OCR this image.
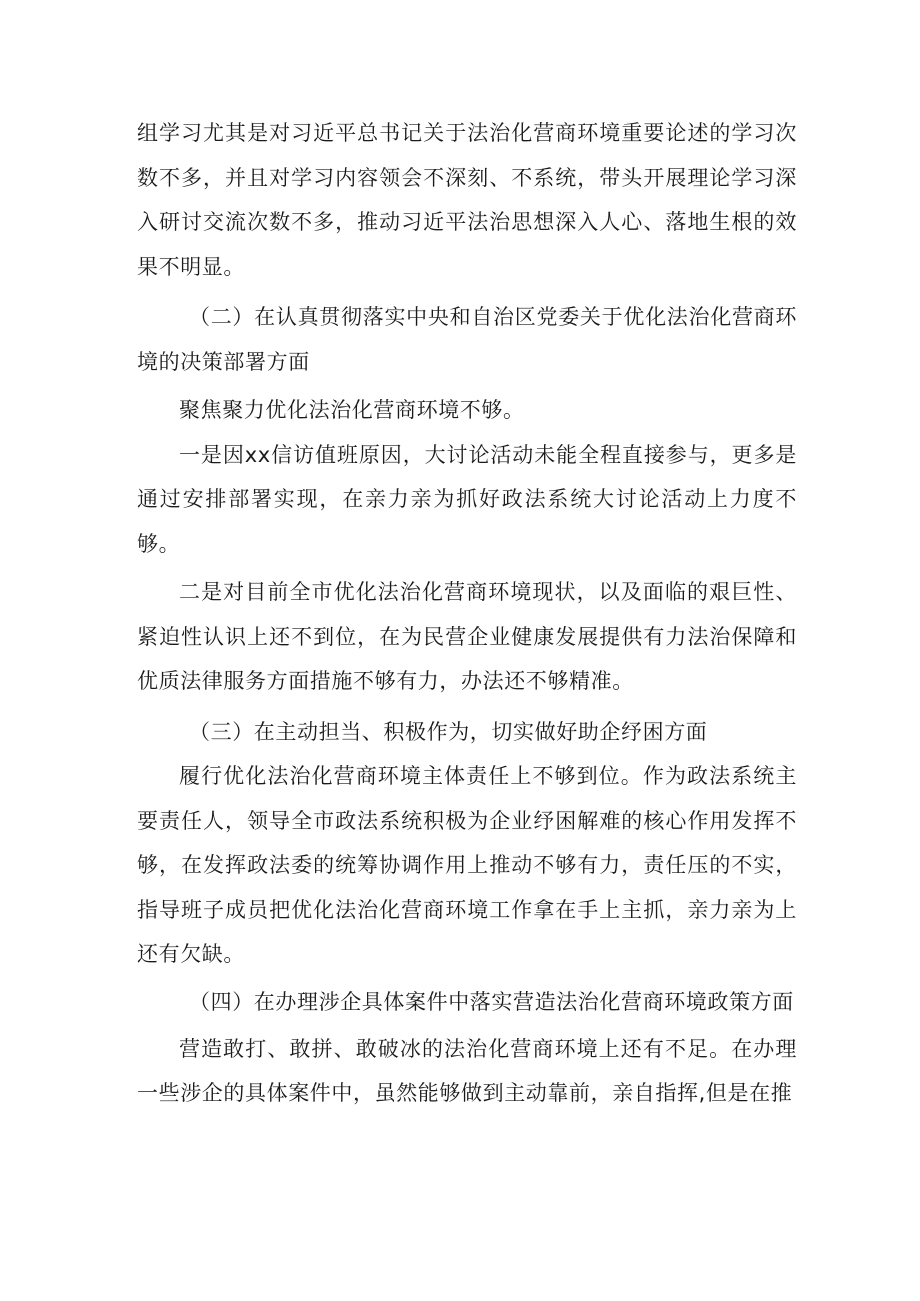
组学习尤其是对习近平总书记关于法治化营商环境重要论述的学习次数不多，并且对学习内容领会不深刻、不系统，带头开展理论学习深入研讨交流次数不多，推动习近平法治思想深入人心、落地生根的效果不明显。

（二）在认真贯彻落实中央和自治区党委关于优化法治化营商环境的决策部署方面

聚焦聚力优化法治化营商环境不够。

一是因xx信访值班原因，大讨论活动未能全程直接参与，更多是通过安排部署实现，在亲力亲为抓好政法系统大讨论活动上力度不够。

二是对目前全市优化法治化营商环境现状，以及面临的艰巨性、紧迫性认识上还不到位，在为民营企业健康发展提供有力法治保障和优质法律服务方面措施不够有力，办法还不够精准。

（三）在主动担当、积极作为，切实做好助企纾困方面

履行优化法治化营商环境主体责任上不够到位。作为政法系统主要责任人，领导全市政法系统积极为企业纾困解难的核心作用发挥不够，在发挥政法委的统筹协调作用上推动不够有力，责任压的不实，指导班子成员把优化法治化营商环境工作拿在手上主抓，亲力亲为上还有欠缺。

（四）在办理涉企具体案件中落实营造法治化营商环境政策方面

营造敢打、敢拼、敢破冰的法治化营商环境上还有不足。在办理一些涉企的具体案件中，虽然能够做到主动靠前，亲自指挥,但是在推
